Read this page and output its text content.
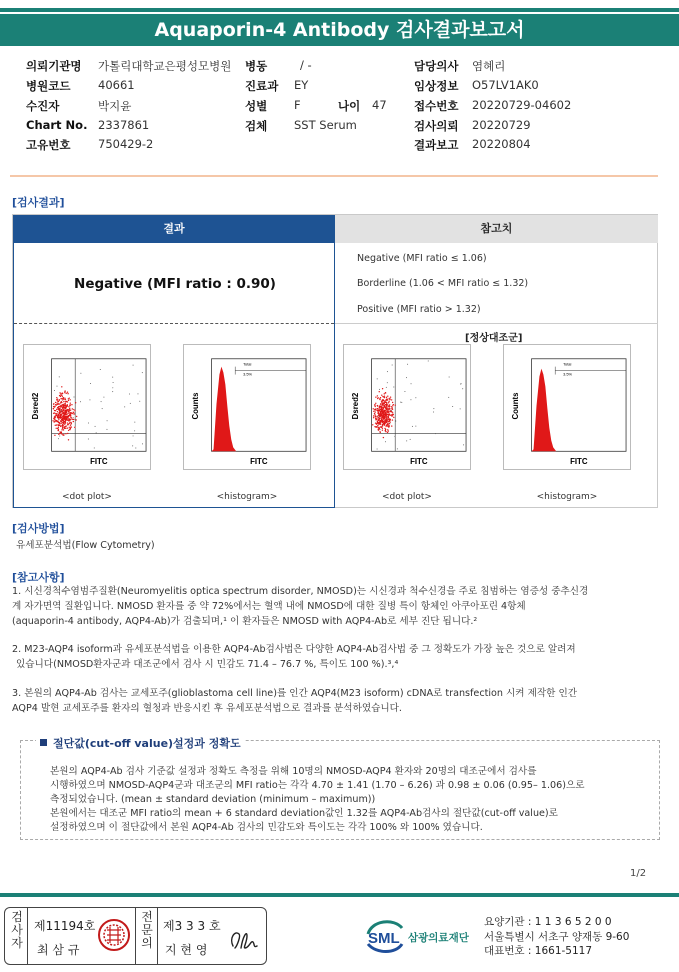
Aquaporin-4 Antibody 검사결과보고서
의뢰기관명 가톨릭대학교은평성모병원 병동	/ -	담당의사 염혜리
병원코드 40661	진료과 EY	임상정보 O57LV1AK0
수진자	박지윤	성별 F	나이 47 접수번호 20220729-04602
Chart No. 2337861	검체 SST Serum	검사의뢰 20220729
고유번호 750429-2	결과보고 20220804
[검사결과]
결과	참고치
Negative (MFI ratio : 0.90)
Negative (MFI ratio ≤ 1.06)
Borderline (1.06 < MFI ratio ≤ 1.32)
Positive (MFI ratio > 1.32)
[정상대조군]
Dsred2
FITC
<dot plot>
Total
3.5%
Counts
FITC
<histogram>
Dsred2
FITC
<dot plot>
Total
3.5%
Counts
FITC
<histogram>
[검사방법]
유세포분석법(Flow Cytometry)
[참고사항]
1. 시신경척수염범주질환(Neuromyelitis optica spectrum disorder, NMOSD)는 시신경과 척수신경을 주로 침범하는 염증성 중추신경
계 자가면역 질환입니다. NMOSD 환자를 중 약 72%에서는 혈액 내에 NMOSD에 대한 질병 특이 항체인 아쿠아포린 4항체
(aquaporin-4 antibody, AQP4-Ab)가 검출되며,¹ 이 환자들은 NMOSD with AQP4-Ab로 세부 진단 됩니다.²
2. M23-AQP4 isoform과 유세포분석법을 이용한 AQP4-Ab검사법은 다양한 AQP4-Ab검사법 중 그 정확도가 가장 높은 것으로 알려져
있습니다(NMOSD환자군과 대조군에서 검사 시 민감도 71.4 – 76.7 %, 특이도 100 %).³,⁴
3. 본원의 AQP4-Ab 검사는 교세포주(glioblastoma cell line)를 인간 AQP4(M23 isoform) cDNA로 transfection 시켜 제작한 인간
AQP4 발현 교세포주를 환자의 혈청과 반응시킨 후 유세포분석법으로 결과를 분석하였습니다.
절단값(cut-off value)설정과 정확도
본원의 AQP4-Ab 검사 기준값 설정과 정확도 측정을 위해 10명의 NMOSD-AQP4 환자와 20명의 대조군에서 검사를
시행하였으며 NMOSD-AQP4군과 대조군의 MFI ratio는 각각 4.70 ± 1.41 (1.70 – 6.26) 과 0.98 ± 0.06 (0.95– 1.06)으로
측정되었습니다. (mean ± standard deviation (minimum – maximum))
본원에서는 대조군 MFI ratio의 mean + 6 standard deviation값인 1.32를 AQP4-Ab검사의 절단값(cut-off value)로
설정하였으며 이 절단값에서 본원 AQP4-Ab 검사의 민감도와 특이도는 각각 100% 와 100% 였습니다.
1/2
검사자
제11194호
최 삼 규
전문의
제3 3 3 호
지 현 영
SML 삼광의료재단
요양기관 : 1 1 3 6 5 2 0 0
서울특별시 서초구 양재동 9-60
대표번호 : 1661-5117
